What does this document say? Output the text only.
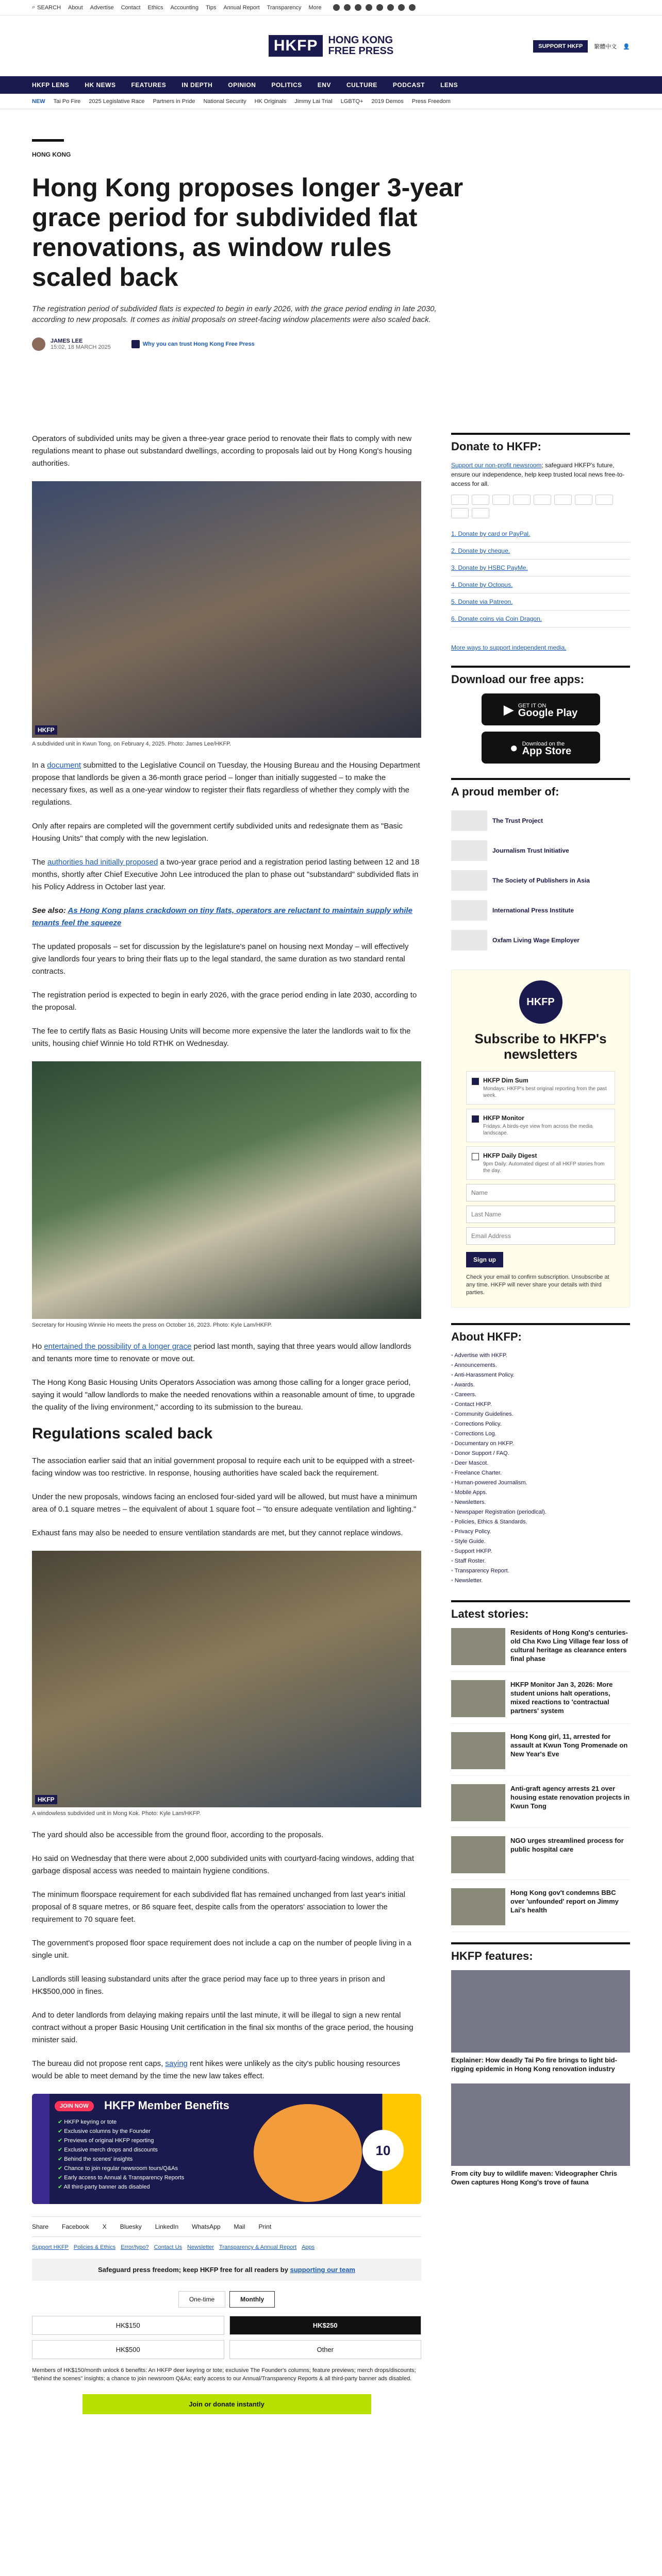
⌕ SEARCH About Advertise Contact Ethics Accounting Tips Annual Report Transparency More
HKFP	HONG KONG
FREE PRESS	SUPPORT HKFP	繁體中文 👤
HKFP LENS	HK NEWS	FEATURES	IN DEPTH	OPINION	POLITICS	ENV	CULTURE	PODCAST	LENS
NEW Tai Po Fire 2025 Legislative Race Partners in Pride National Security HK Originals Jimmy Lai Trial LGBTQ+ 2019 Demos Press Freedom
HONG KONG
Hong Kong proposes longer 3-year grace period for subdivided flat renovations, as window rules scaled back

The registration period of subdivided flats is expected to begin in early 2026, with the grace period ending in late 2030, according to new proposals. It comes as initial proposals on street-facing window placements were also scaled back.

JAMES LEE
15:02, 18 MARCH 2025	Why you can trust Hong Kong Free Press

Operators of subdivided units may be given a three-year grace period to renovate their flats to comply with new regulations meant to phase out substandard dwellings, according to proposals laid out by Hong Kong's housing authorities.

HKFP
A subdivided unit in Kwun Tong, on February 4, 2025. Photo: James Lee/HKFP.

In a document submitted to the Legislative Council on Tuesday, the Housing Bureau and the Housing Department propose that landlords be given a 36-month grace period – longer than initially suggested – to make the necessary fixes, as well as a one-year window to register their flats regardless of whether they comply with the regulations.

Only after repairs are completed will the government certify subdivided units and redesignate them as "Basic Housing Units" that comply with the new legislation.

The authorities had initially proposed a two-year grace period and a registration period lasting between 12 and 18 months, shortly after Chief Executive John Lee introduced the plan to phase out "substandard" subdivided flats in his Policy Address in October last year.

See also: As Hong Kong plans crackdown on tiny flats, operators are reluctant to maintain supply while tenants feel the squeeze

The updated proposals – set for discussion by the legislature's panel on housing next Monday – will effectively give landlords four years to bring their flats up to the legal standard, the same duration as two standard rental contracts.

The registration period is expected to begin in early 2026, with the grace period ending in late 2030, according to the proposal.

The fee to certify flats as Basic Housing Units will become more expensive the later the landlords wait to fix the units, housing chief Winnie Ho told RTHK on Wednesday.

Secretary for Housing Winnie Ho meets the press on October 16, 2023. Photo: Kyle Lam/HKFP.

Ho entertained the possibility of a longer grace period last month, saying that three years would allow landlords and tenants more time to renovate or move out.

The Hong Kong Basic Housing Units Operators Association was among those calling for a longer grace period, saying it would "allow landlords to make the needed renovations within a reasonable amount of time, to upgrade the quality of the living environment," according to its submission to the bureau.

Regulations scaled back

The association earlier said that an initial government proposal to require each unit to be equipped with a street-facing window was too restrictive. In response, housing authorities have scaled back the requirement.

Under the new proposals, windows facing an enclosed four-sided yard will be allowed, but must have a minimum area of 0.1 square metres – the equivalent of about 1 square foot – "to ensure adequate ventilation and lighting."

Exhaust fans may also be needed to ensure ventilation standards are met, but they cannot replace windows.

HKFP
A windowless subdivided unit in Mong Kok. Photo: Kyle Lam/HKFP.

The yard should also be accessible from the ground floor, according to the proposals.

Ho said on Wednesday that there were about 2,000 subdivided units with courtyard-facing windows, adding that garbage disposal access was needed to maintain hygiene conditions.

The minimum floorspace requirement for each subdivided flat has remained unchanged from last year's initial proposal of 8 square metres, or 86 square feet, despite calls from the operators' association to lower the requirement to 70 square feet.

The government's proposed floor space requirement does not include a cap on the number of people living in a single unit.

Landlords still leasing substandard units after the grace period may face up to three years in prison and HK$500,000 in fines.

And to deter landlords from delaying making repairs until the last minute, it will be illegal to sign a new rental contract without a proper Basic Housing Unit certification in the final six months of the grace period, the housing minister said.

The bureau did not propose rent caps, saying rent hikes were unlikely as the city's public housing resources would be able to meet demand by the time the new law takes effect.

JOIN NOW	HKFP Member Benefits
✔ HKFP keyring or tote
✔ Exclusive columns by the Founder
✔ Previews of original HKFP reporting
✔ Exclusive merch drops and discounts
✔ Behind the scenes' insights
✔ Chance to join regular newsroom tours/Q&As
✔ Early access to Annual & Transparency Reports
✔ All third-party banner ads disabled
10
Share Facebook X Bluesky LinkedIn WhatsApp Mail Print
Support HKFP Policies & Ethics Error/typo? Contact Us Newsletter Transparency & Annual Report Apps
Safeguard press freedom; keep HKFP free for all readers by supporting our team
One-time	Monthly
HK$150	HK$250
HK$500	Other

Members of HK$150/month unlock 6 benefits: An HKFP deer keyring or tote; exclusive The Founder's columns; feature previews; merch drops/discounts; "Behind the scenes" insights; a chance to join newsroom Q&As; early access to our Annual/Transparency Reports & all third-party banner ads disabled.

Join or donate instantly
Donate to HKFP:

Support our non-profit newsroom; safeguard HKFP's future, ensure our independence, help keep trusted local news free-to-access for all.

1. Donate by card or PayPal.
2. Donate by cheque.
3. Donate by HSBC PayMe.
4. Donate by Octopus.
5. Donate via Patreon.
6. Donate coins via Coin Dragon.
More ways to support independent media.
Download our free apps:
▶ GET IT ON
Google Play
● Download on the
App Store
A proud member of:
The Trust Project
Journalism Trust Initiative
The Society of Publishers in Asia
International Press Institute
Oxfam Living Wage Employer
HKFP
Subscribe to HKFP's newsletters
HKFP Dim Sum
Mondays: HKFP's best original reporting from the past week.
HKFP Monitor
Fridays: A birds-eye view from across the media landscape.
HKFP Daily Digest
9pm Daily: Automated digest of all HKFP stories from the day.
Name
Last Name
Email Address
Sign up

Check your email to confirm subscription. Unsubscribe at any time. HKFP will never share your details with third parties.

About HKFP:
• Advertise with HKFP.
• Announcements.
• Anti-Harassment Policy.
• Awards.
• Careers.
• Contact HKFP.
• Community Guidelines.
• Corrections Policy.
• Corrections Log.
• Documentary on HKFP.
• Donor Support / FAQ.
• Deer Mascot.
• Freelance Charter.
• Human-powered Journalism.
• Mobile Apps.
• Newsletters.
• Newspaper Registration (periodical).
• Policies, Ethics & Standards.
• Privacy Policy.
• Style Guide.
• Support HKFP.
• Staff Roster.
• Transparency Report.
• Newsletter.
Latest stories:
Residents of Hong Kong's centuries-old Cha Kwo Ling Village fear loss of cultural heritage as clearance enters final phase
HKFP Monitor Jan 3, 2026: More student unions halt operations, mixed reactions to 'contractual partners' system
Hong Kong girl, 11, arrested for assault at Kwun Tong Promenade on New Year's Eve
Anti-graft agency arrests 21 over housing estate renovation projects in Kwun Tong
NGO urges streamlined process for public hospital care
Hong Kong gov't condemns BBC over 'unfounded' report on Jimmy Lai's health
HKFP features:
Explainer: How deadly Tai Po fire brings to light bid-rigging epidemic in Hong Kong renovation industry
From city buy to wildlife maven: Videographer Chris Owen captures Hong Kong's trove of fauna
